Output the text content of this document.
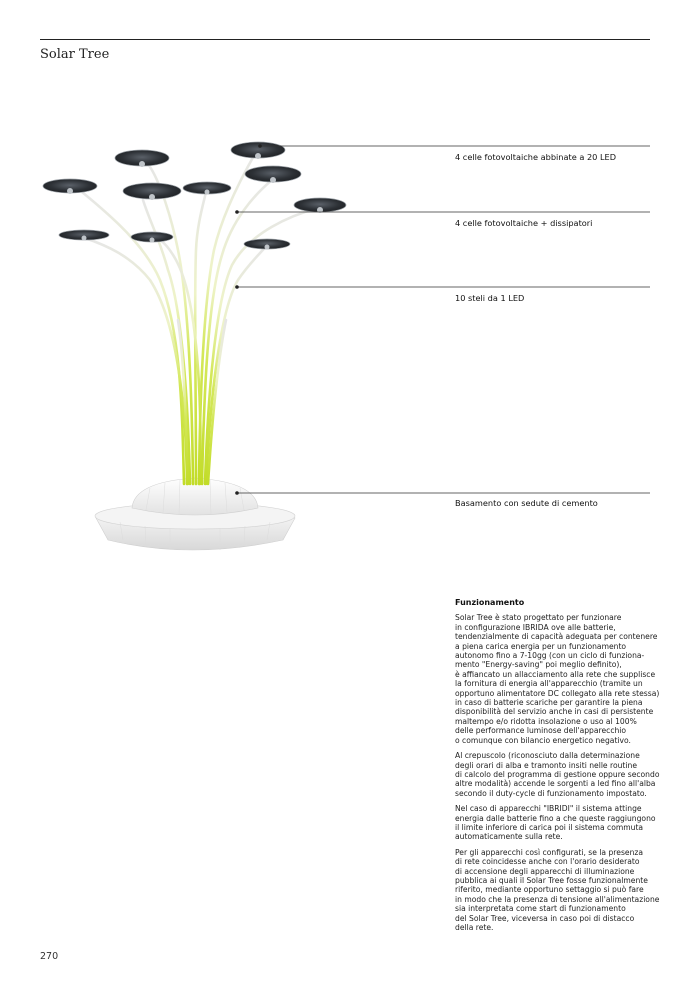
Solar Tree
4 celle fotovoltaiche abbinate a 20 LED
4 celle fotovoltaiche + dissipatori
10 steli da 1 LED
Basamento con sedute di cemento
Funzionamento

Solar Tree è stato progettato per funzionare
in configurazione IBRIDA ove alle batterie,
tendenzialmente di capacità adeguata per contenere
a piena carica energia per un funzionamento
autonomo fino a 7-10gg (con un ciclo di funziona-
mento "Energy-saving" poi meglio definito),
è affiancato un allacciamento alla rete che supplisce
la fornitura di energia all'apparecchio (tramite un
opportuno alimentatore DC collegato alla rete stessa)
in caso di batterie scariche per garantire la piena
disponibilità del servizio anche in casi di persistente
maltempo e/o ridotta insolazione o uso al 100%
delle performance luminose dell'apparecchio
o comunque con bilancio energetico negativo.

Al crepuscolo (riconosciuto dalla determinazione
degli orari di alba e tramonto insiti nelle routine
di calcolo del programma di gestione oppure secondo
altre modalità) accende le sorgenti a led fino all'alba
secondo il duty-cycle di funzionamento impostato.

Nel caso di apparecchi "IBRIDI" il sistema attinge
energia dalle batterie fino a che queste raggiungono
il limite inferiore di carica poi il sistema commuta
automaticamente sulla rete.

Per gli apparecchi così configurati, se la presenza
di rete coincidesse anche con l'orario desiderato
di accensione degli apparecchi di illuminazione
pubblica ai quali il Solar Tree fosse funzionalmente
riferito, mediante opportuno settaggio si può fare
in modo che la presenza di tensione all'alimentazione
sia interpretata come start di funzionamento
del Solar Tree, viceversa in caso poi di distacco
della rete.

270
